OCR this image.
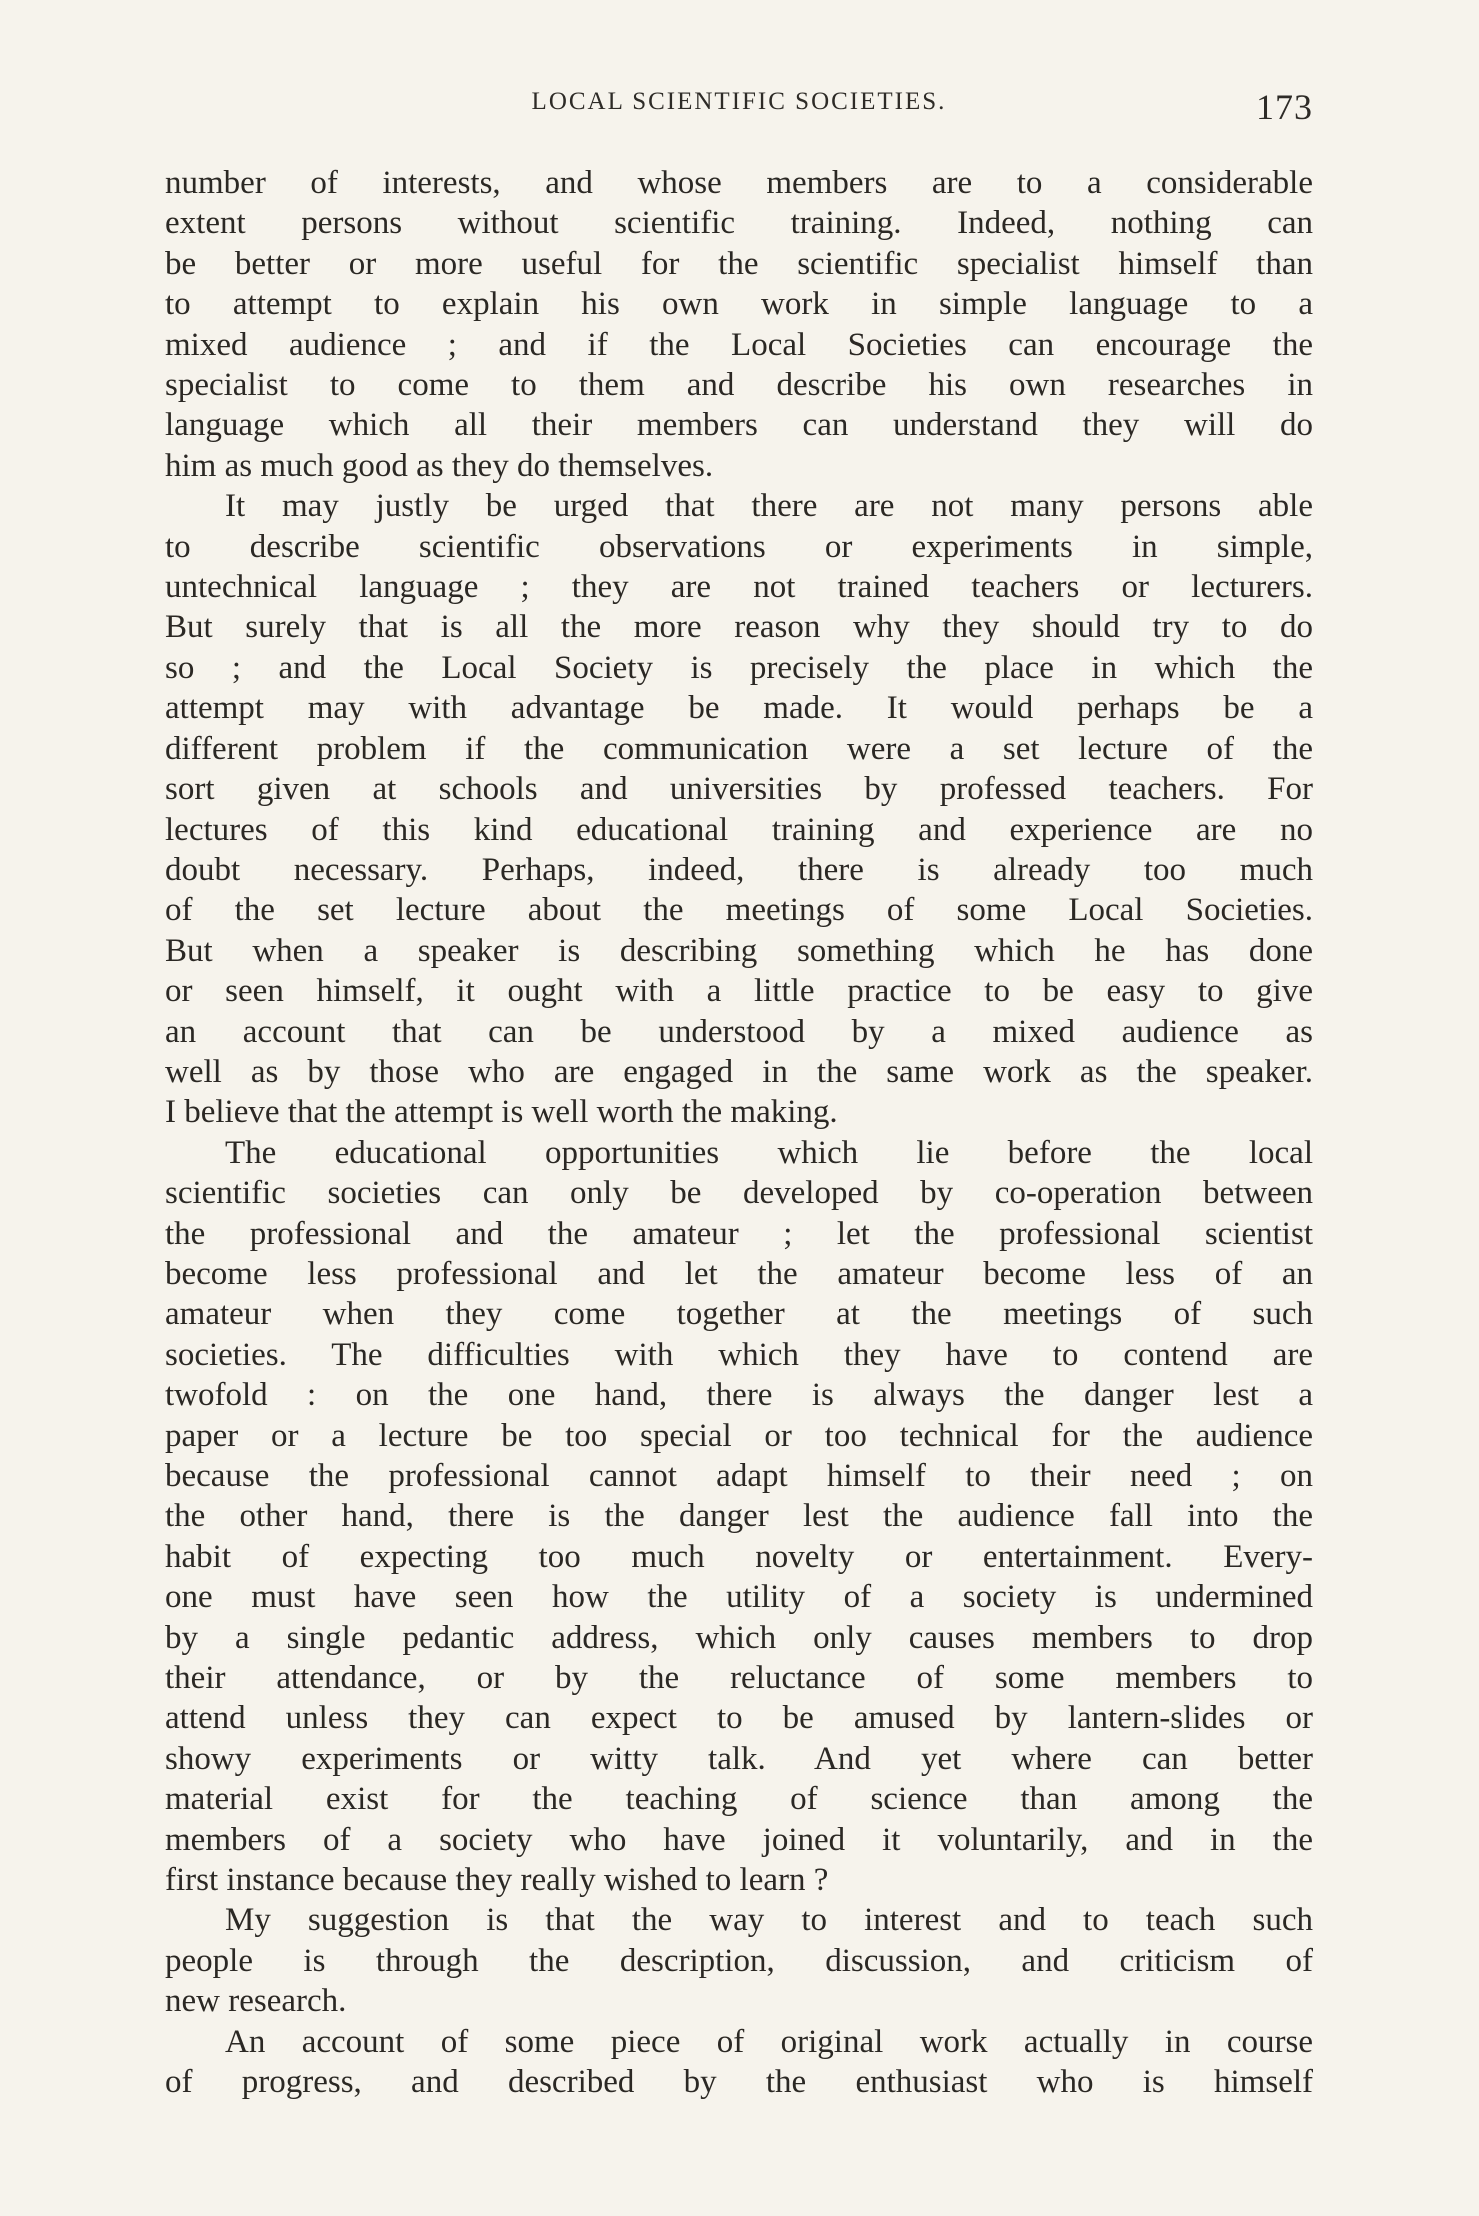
LOCAL SCIENTIFIC SOCIETIES.	173
number of interests, and whose members are to a considerable
extent persons without scientific training. Indeed, nothing can
be better or more useful for the scientific specialist himself than
to attempt to explain his own work in simple language to a
mixed audience ; and if the Local Societies can encourage the
specialist to come to them and describe his own researches in
language which all their members can understand they will do
him as much good as they do themselves.
It may justly be urged that there are not many persons able
to describe scientific observations or experiments in simple,
untechnical language ; they are not trained teachers or lecturers.
But surely that is all the more reason why they should try to do
so ; and the Local Society is precisely the place in which the
attempt may with advantage be made. It would perhaps be a
different problem if the communication were a set lecture of the
sort given at schools and universities by professed teachers. For
lectures of this kind educational training and experience are no
doubt necessary. Perhaps, indeed, there is already too much
of the set lecture about the meetings of some Local Societies.
But when a speaker is describing something which he has done
or seen himself, it ought with a little practice to be easy to give
an account that can be understood by a mixed audience as
well as by those who are engaged in the same work as the speaker.
I believe that the attempt is well worth the making.
The educational opportunities which lie before the local
scientific societies can only be developed by co-operation between
the professional and the amateur ; let the professional scientist
become less professional and let the amateur become less of an
amateur when they come together at the meetings of such
societies. The difficulties with which they have to contend are
twofold : on the one hand, there is always the danger lest a
paper or a lecture be too special or too technical for the audience
because the professional cannot adapt himself to their need ; on
the other hand, there is the danger lest the audience fall into the
habit of expecting too much novelty or entertainment. Every-
one must have seen how the utility of a society is undermined
by a single pedantic address, which only causes members to drop
their attendance, or by the reluctance of some members to
attend unless they can expect to be amused by lantern-slides or
showy experiments or witty talk. And yet where can better
material exist for the teaching of science than among the
members of a society who have joined it voluntarily, and in the
first instance because they really wished to learn ?
My suggestion is that the way to interest and to teach such
people is through the description, discussion, and criticism of
new research.
An account of some piece of original work actually in course
of progress, and described by the enthusiast who is himself
